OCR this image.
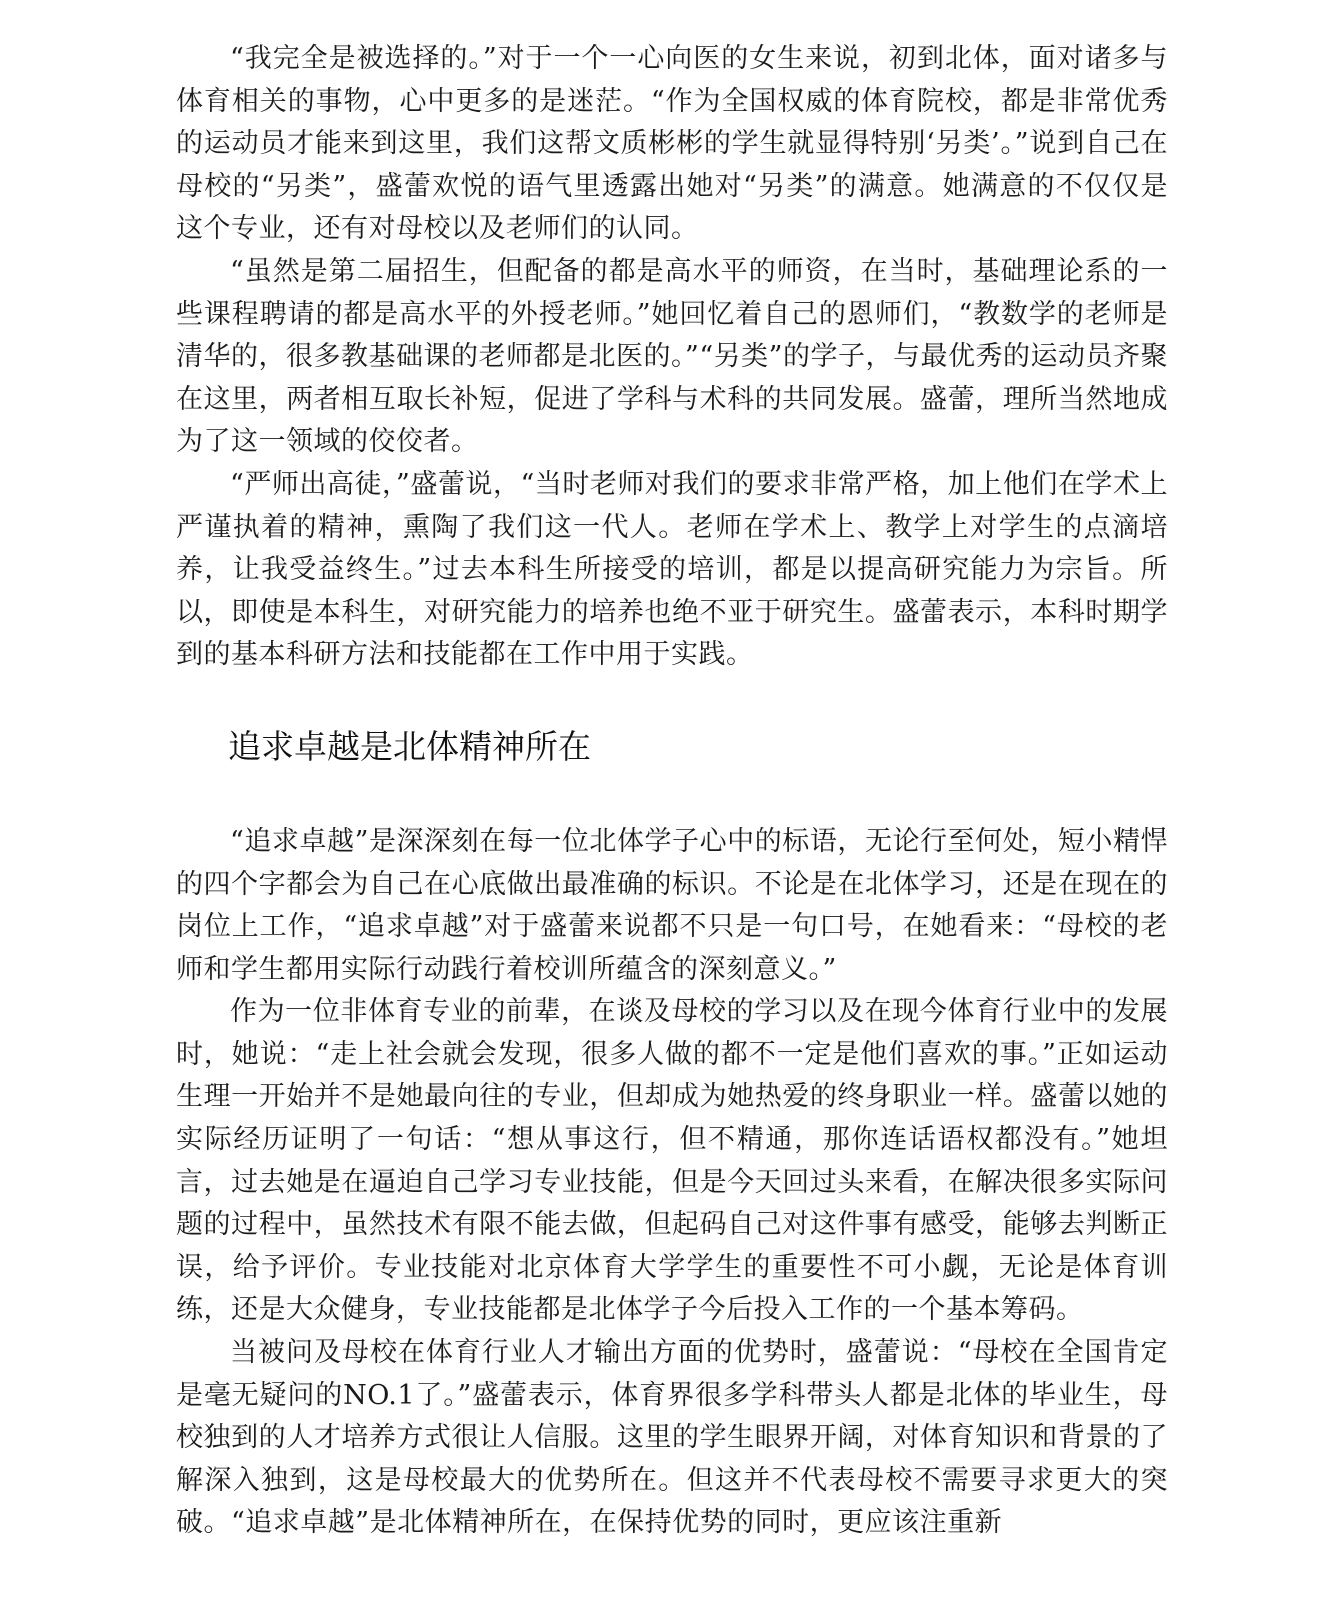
“我完全是被选择的。”对于一个一心向医的女生来说，初到北体，面对诸多与体育相关的事物，心中更多的是迷茫。“作为全国权威的体育院校，都是非常优秀的运动员才能来到这里，我们这帮文质彬彬的学生就显得特别‘另类’。”说到自己在母校的“另类”，盛蕾欢悦的语气里透露出她对“另类”的满意。她满意的不仅仅是这个专业，还有对母校以及老师们的认同。

“虽然是第二届招生，但配备的都是高水平的师资，在当时，基础理论系的一些课程聘请的都是高水平的外授老师。”她回忆着自己的恩师们，“教数学的老师是清华的，很多教基础课的老师都是北医的。”“另类”的学子，与最优秀的运动员齐聚在这里，两者相互取长补短，促进了学科与术科的共同发展。盛蕾，理所当然地成为了这一领域的佼佼者。

“严师出高徒，”盛蕾说，“当时老师对我们的要求非常严格，加上他们在学术上严谨执着的精神，熏陶了我们这一代人。老师在学术上、教学上对学生的点滴培养，让我受益终生。”过去本科生所接受的培训，都是以提高研究能力为宗旨。所以，即使是本科生，对研究能力的培养也绝不亚于研究生。盛蕾表示，本科时期学到的基本科研方法和技能都在工作中用于实践。

追求卓越是北体精神所在

“追求卓越”是深深刻在每一位北体学子心中的标语，无论行至何处，短小精悍的四个字都会为自己在心底做出最准确的标识。不论是在北体学习，还是在现在的岗位上工作，“追求卓越”对于盛蕾来说都不只是一句口号，在她看来：“母校的老师和学生都用实际行动践行着校训所蕴含的深刻意义。”

作为一位非体育专业的前辈，在谈及母校的学习以及在现今体育行业中的发展时，她说：“走上社会就会发现，很多人做的都不一定是他们喜欢的事。”正如运动生理一开始并不是她最向往的专业，但却成为她热爱的终身职业一样。盛蕾以她的实际经历证明了一句话：“想从事这行，但不精通，那你连话语权都没有。”她坦言，过去她是在逼迫自己学习专业技能，但是今天回过头来看，在解决很多实际问题的过程中，虽然技术有限不能去做，但起码自己对这件事有感受，能够去判断正误，给予评价。专业技能对北京体育大学学生的重要性不可小觑，无论是体育训练，还是大众健身，专业技能都是北体学子今后投入工作的一个基本筹码。

当被问及母校在体育行业人才输出方面的优势时，盛蕾说：“母校在全国肯定是毫无疑问的NO.1了。”盛蕾表示，体育界很多学科带头人都是北体的毕业生，母校独到的人才培养方式很让人信服。这里的学生眼界开阔，对体育知识和背景的了解深入独到，这是母校最大的优势所在。但这并不代表母校不需要寻求更大的突破。“追求卓越”是北体精神所在，在保持优势的同时，更应该注重新
